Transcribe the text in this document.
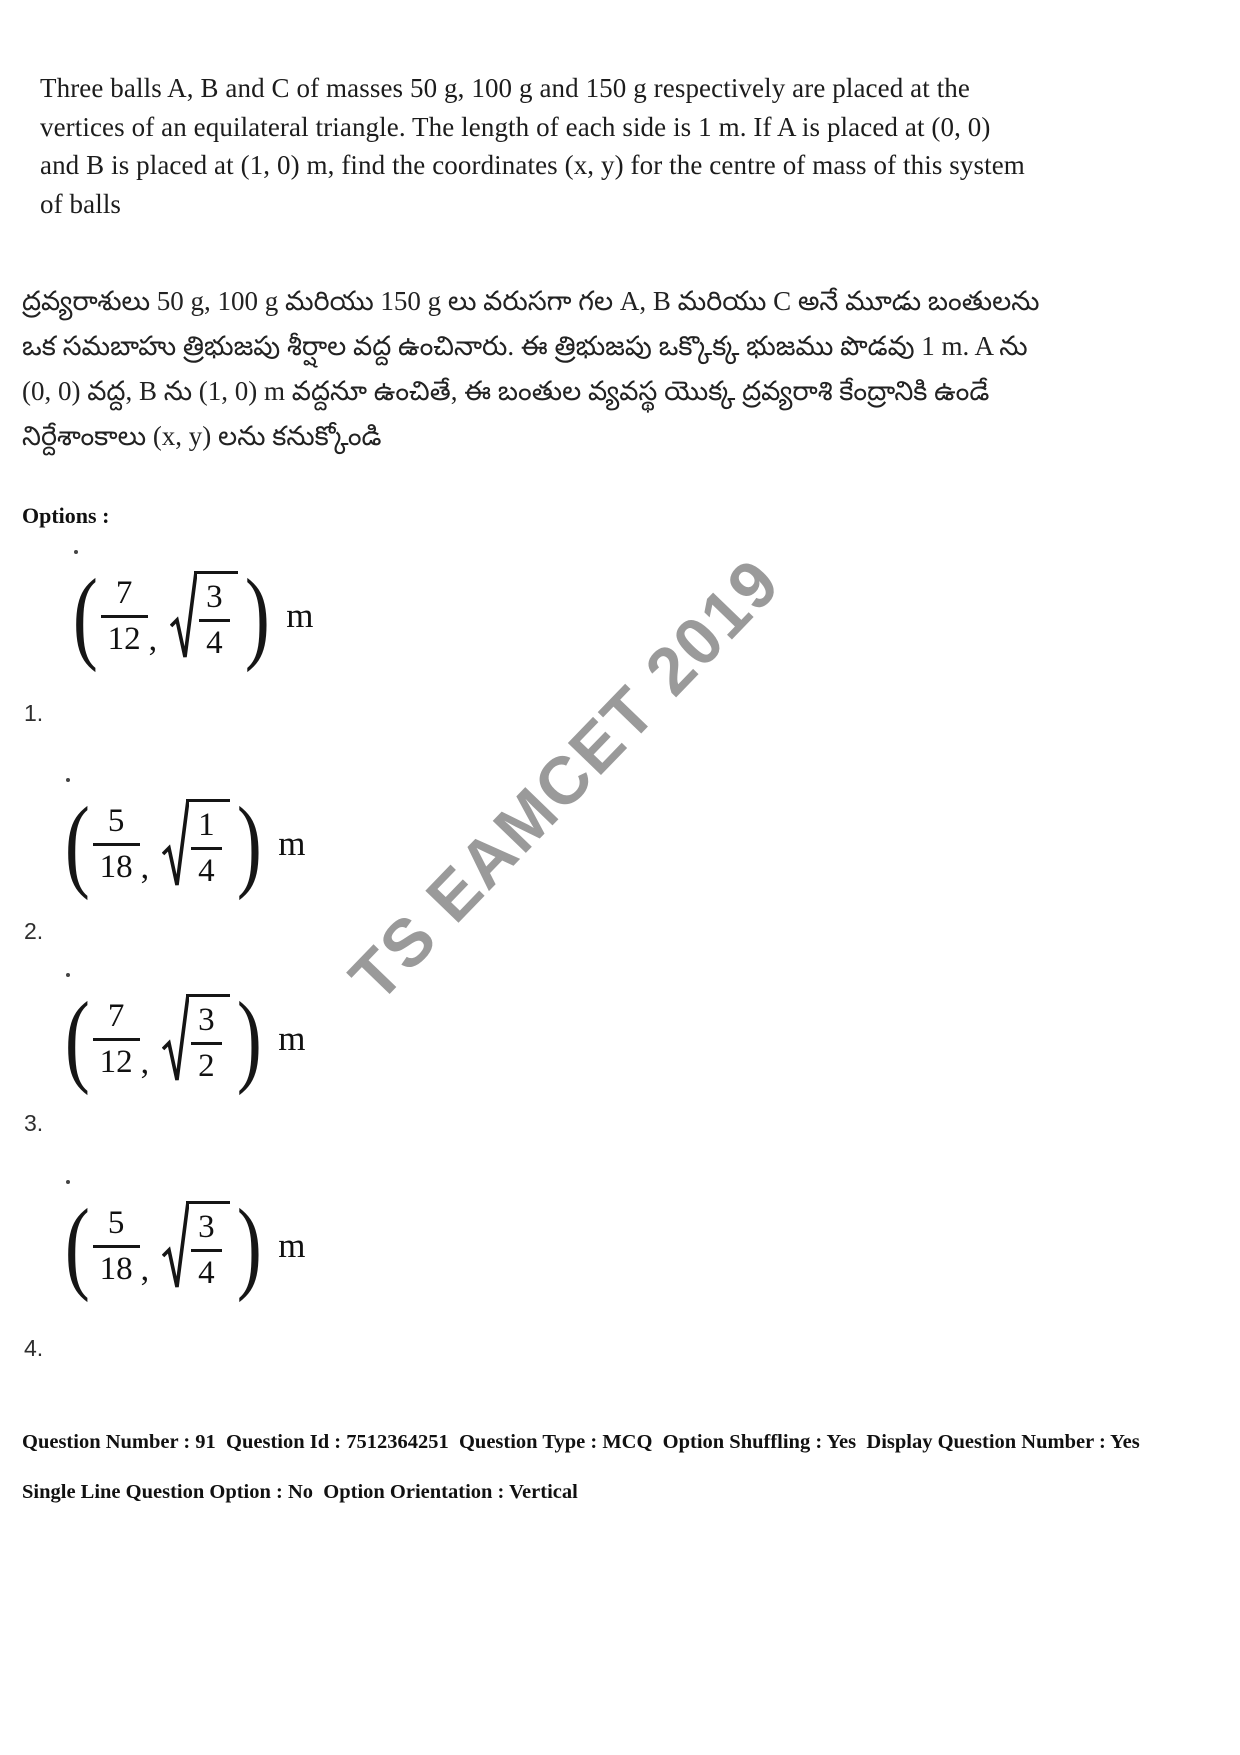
TS EAMCET 2019

Three balls A, B and C of masses 50 g, 100 g and 150 g respectively are placed at the vertices of an equilateral triangle. The length of each side is 1 m. If A is placed at (0, 0) and B is placed at (1, 0) m, find the coordinates (x, y) for the centre of mass of this system of balls

ద్రవ్యరాశులు 50 g, 100 g మరియు 150 g లు వరుసగా గల A, B మరియు C అనే మూడు బంతులను ఒక సమబాహు త్రిభుజపు శీర్షాల వద్ద ఉంచినారు. ఈ త్రిభుజపు ఒక్కొక్క భుజము పొడవు 1 m. A ను (0, 0) వద్ద, B ను (1, 0) m వద్దనూ ఉంచితే, ఈ బంతుల వ్యవస్థ యొక్క ద్రవ్యరాశి కేంద్రానికి ఉండే నిర్దేశాంకాలు (x, y) లను కనుక్కోండి

Options :
( $\frac{7}{12}$ , $\frac{3}{4}$ ) m
1.
( $\frac{5}{18}$ , $\frac{1}{4}$ ) m
2.
( $\frac{7}{12}$ , $\frac{3}{2}$ ) m
3.
( $\frac{5}{18}$ , $\frac{3}{4}$ ) m
4.
Question Number : 91  Question Id : 7512364251  Question Type : MCQ  Option Shuffling : Yes  Display Question Number : Yes

Single Line Question Option : No  Option Orientation : Vertical
